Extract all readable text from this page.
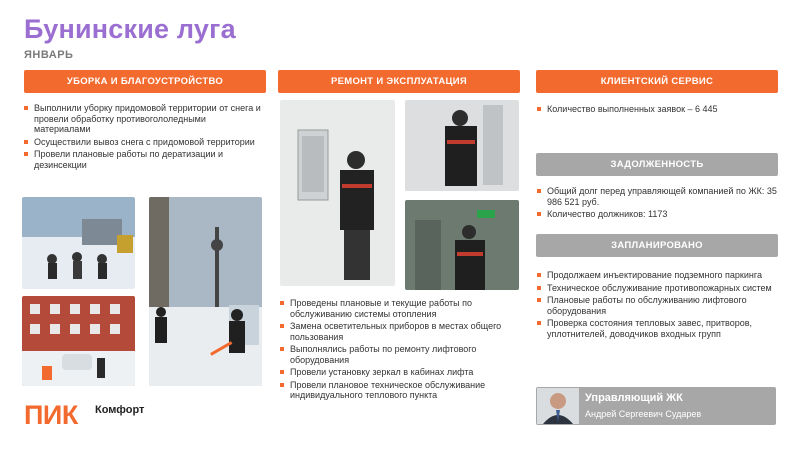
Бунинские луга
ЯНВАРЬ
УБОРКА И БЛАГОУСТРОЙСТВО
Выполнили уборку придомовой территории от снега и провели обработку противогололедными материалами
Осуществили вывоз снега с придомовой территории
Провели плановые работы по дератизации и дезинсекции
РЕМОНТ И ЭКСПЛУАТАЦИЯ
Проведены плановые и текущие работы по обслуживанию системы отопления
Замена осветительных приборов в местах общего пользования
Выполнялись работы по ремонту лифтового оборудования
Провели установку зеркал в кабинах лифта
Провели плановое техническое обслуживание индивидуального теплового пункта
КЛИЕНТСКИЙ СЕРВИС
Количество выполненных заявок – 6 445
ЗАДОЛЖЕННОСТЬ
Общий долг перед управляющей компанией по ЖК: 35 986 521 руб.
Количество должников: 1173
ЗАПЛАНИРОВАНО
Продолжаем инъектирование подземного паркинга
Техническое обслуживание противопожарных систем
Плановые работы по обслуживанию лифтового оборудования
Проверка состояния тепловых завес, притворов, уплотнителей, доводчиков входных групп
Управляющий ЖК
Андрей Сергеевич Сударев
ПИК Комфорт
